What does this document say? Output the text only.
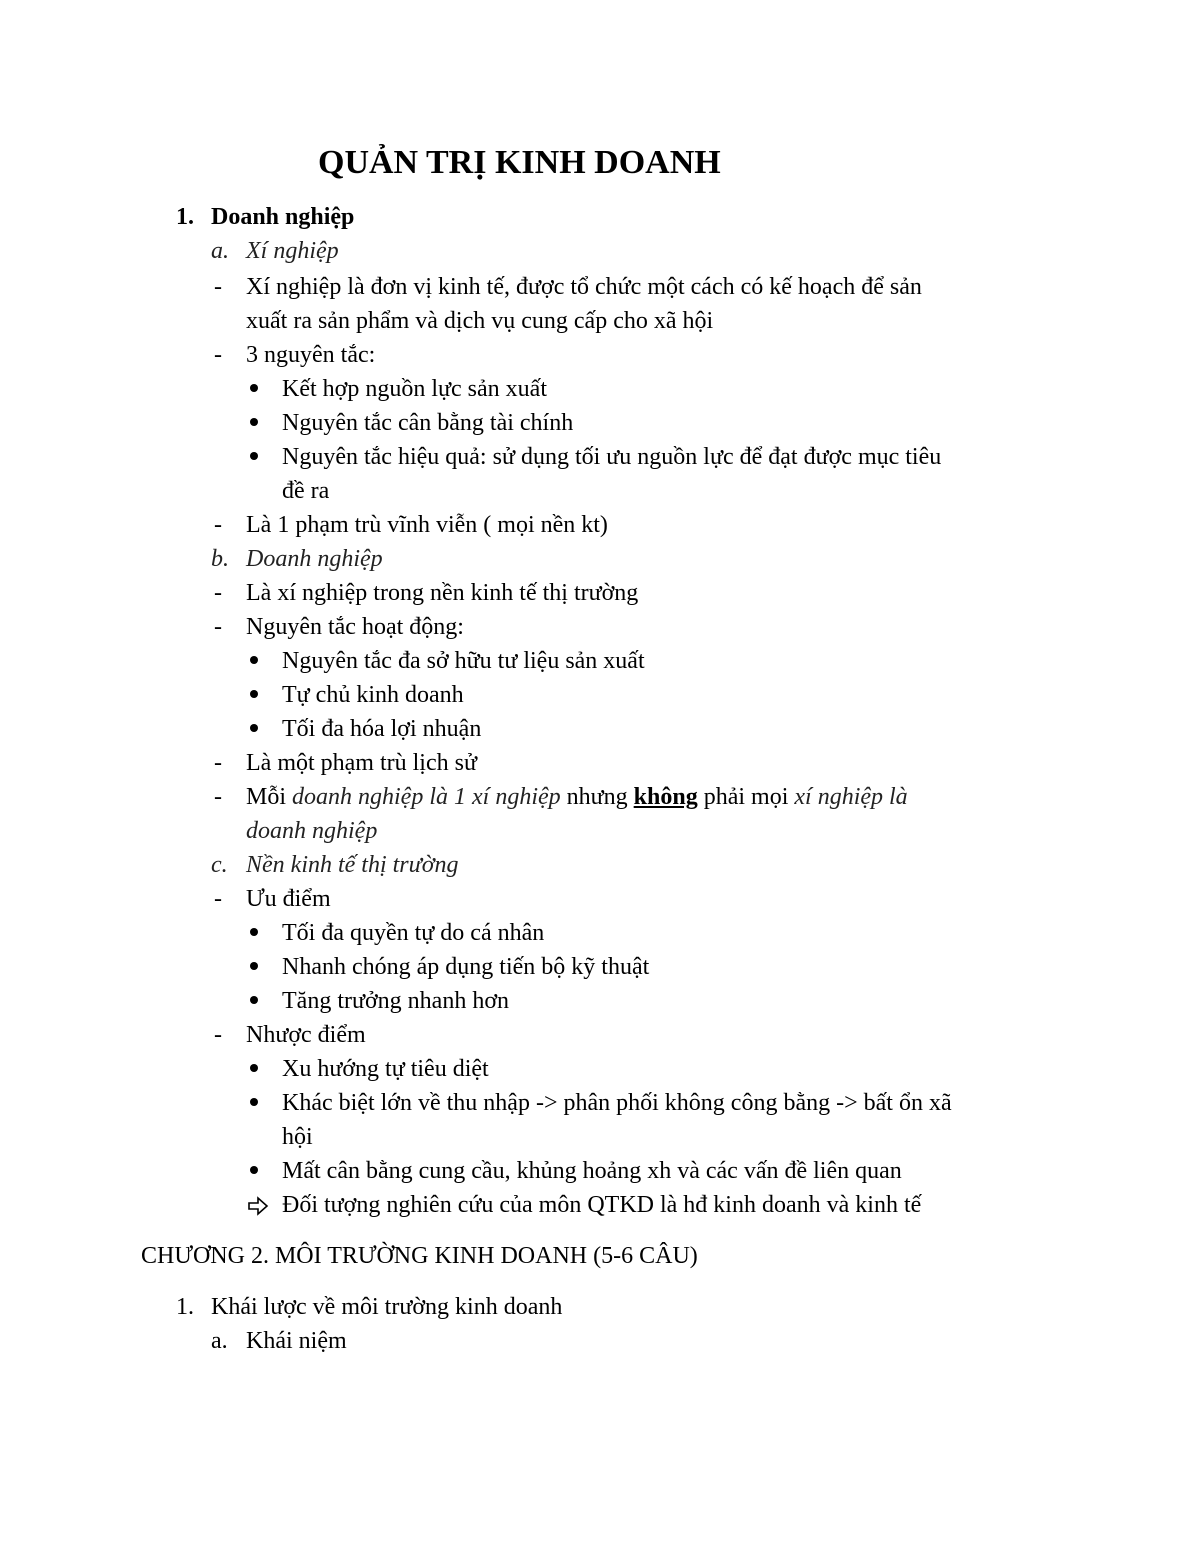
QUẢN TRỊ KINH DOANH
1. Doanh nghiệp
a. Xí nghiệp
- Xí nghiệp là đơn vị kinh tế, được tổ chức một cách có kế hoạch để sản
xuất ra sản phẩm và dịch vụ cung cấp cho xã hội
- 3 nguyên tắc:
Kết hợp nguồn lực sản xuất
Nguyên tắc cân bằng tài chính
Nguyên tắc hiệu quả: sử dụng tối ưu nguồn lực để đạt được mục tiêu
đề ra
- Là 1 phạm trù vĩnh viễn ( mọi nền kt)
b. Doanh nghiệp
- Là xí nghiệp trong nền kinh tế thị trường
- Nguyên tắc hoạt động:
Nguyên tắc đa sở hữu tư liệu sản xuất
Tự chủ kinh doanh
Tối đa hóa lợi nhuận
- Là một phạm trù lịch sử
- Mỗi doanh nghiệp là 1 xí nghiệp nhưng không phải mọi xí nghiệp là
doanh nghiệp
c. Nền kinh tế thị trường
- Ưu điểm
Tối đa quyền tự do cá nhân
Nhanh chóng áp dụng tiến bộ kỹ thuật
Tăng trưởng nhanh hơn
- Nhược điểm
Xu hướng tự tiêu diệt
Khác biệt lớn về thu nhập -> phân phối không công bằng -> bất ổn xã
hội
Mất cân bằng cung cầu, khủng hoảng xh và các vấn đề liên quan
Đối tượng nghiên cứu của môn QTKD là hđ kinh doanh và kinh tế
CHƯƠNG 2. MÔI TRƯỜNG KINH DOANH (5-6 CÂU)
1. Khái lược về môi trường kinh doanh
a. Khái niệm
